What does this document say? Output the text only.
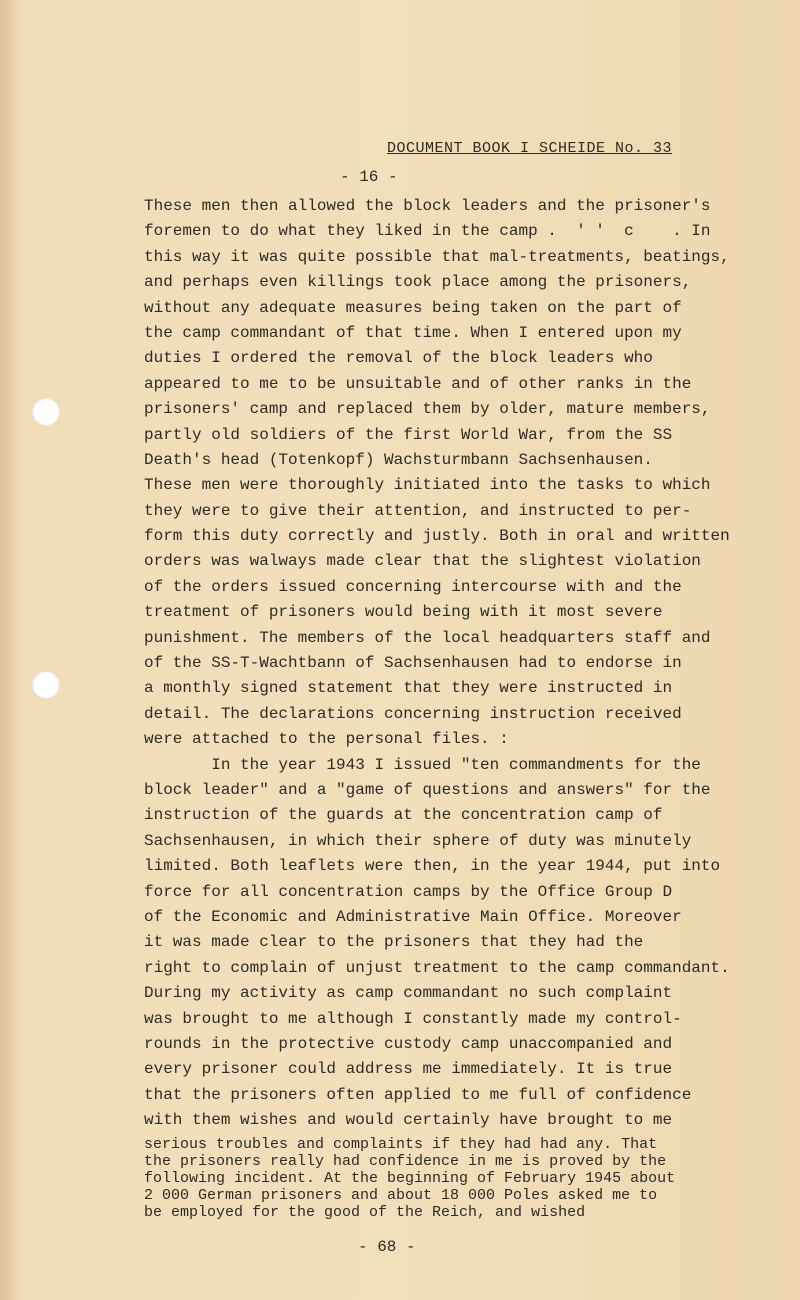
DOCUMENT BOOK I SCHEIDE No. 33
- 16 -
These men then allowed the block leaders and the prisoner's
foremen to do what they liked in the camp .  ' '  c    . In
this way it was quite possible that mal-treatments, beatings,
and perhaps even killings took place among the prisoners,
without any adequate measures being taken on the part of
the camp commandant of that time. When I entered upon my
duties I ordered the removal of the block leaders who
appeared to me to be unsuitable and of other ranks in the
prisoners' camp and replaced them by older, mature members,
partly old soldiers of the first World War, from the SS
Death's head (Totenkopf) Wachsturmbann Sachsenhausen.
These men were thoroughly initiated into the tasks to which
they were to give their attention, and instructed to per-
form this duty correctly and justly. Both in oral and written
orders was walways made clear that the slightest violation
of the orders issued concerning intercourse with and the
treatment of prisoners would being with it most severe
punishment. The members of the local headquarters staff and
of the SS-T-Wachtbann of Sachsenhausen had to endorse in
a monthly signed statement that they were instructed in
detail. The declarations concerning instruction received
were attached to the personal files. :
In the year 1943 I issued "ten commandments for the
block leader" and a "game of questions and answers" for the
instruction of the guards at the concentration camp of
Sachsenhausen, in which their sphere of duty was minutely
limited. Both leaflets were then, in the year 1944, put into
force for all concentration camps by the Office Group D
of the Economic and Administrative Main Office. Moreover
it was made clear to the prisoners that they had the
right to complain of unjust treatment to the camp commandant.
During my activity as camp commandant no such complaint
was brought to me although I constantly made my control-
rounds in the protective custody camp unaccompanied and
every prisoner could address me immediately. It is true
that the prisoners often applied to me full of confidence
with them wishes and would certainly have brought to me
serious troubles and complaints if they had had any. That
the prisoners really had confidence in me is proved by the
following incident. At the beginning of February 1945 about
2 000 German prisoners and about 18 000 Poles asked me to
be employed for the good of the Reich, and wished
- 68 -
